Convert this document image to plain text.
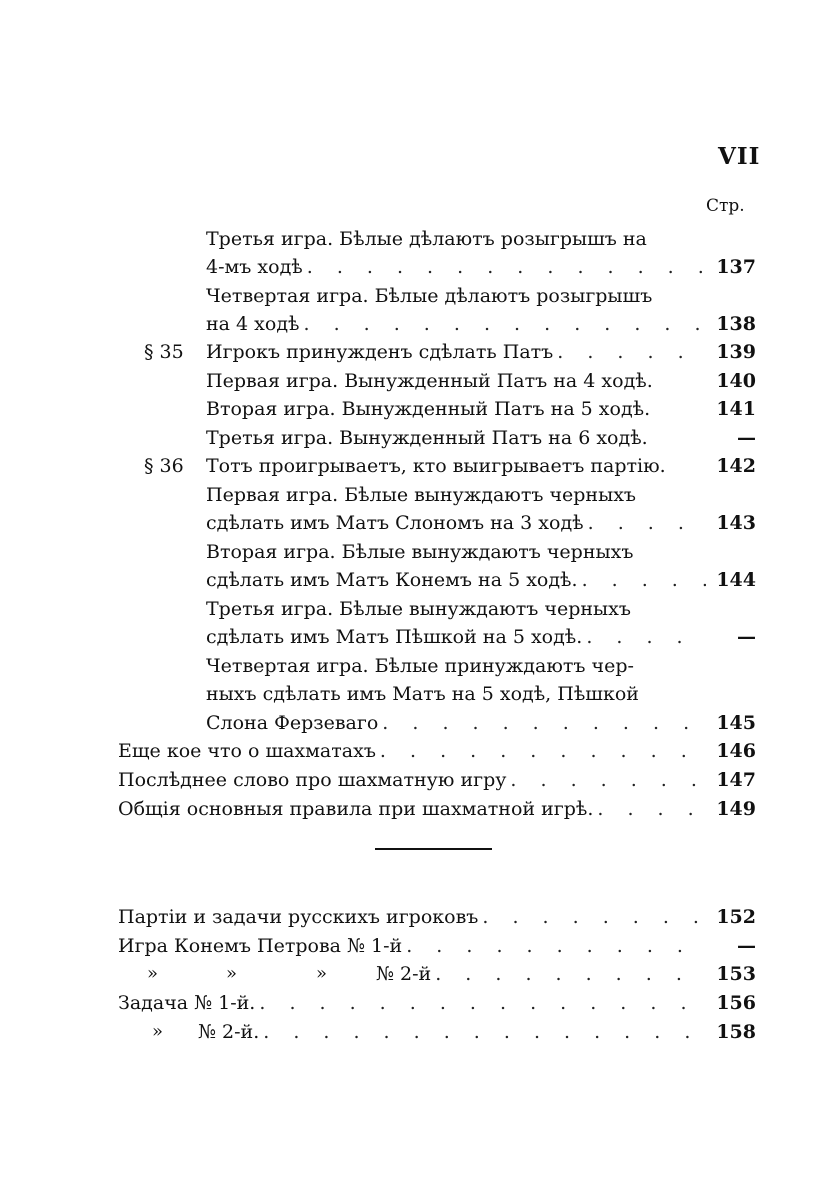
VII
Стр.
Третья игра. Бѣлые дѣлаютъ розыгрышъ на
4-мъ ходѣ . . .	137
Четвертая игра. Бѣлые дѣлаютъ розыгрышъ
на 4 ходѣ . . .	138
§ 35 Игрокъ принужденъ сдѣлать Патъ . . .	139
Первая игра. Вынужденный Патъ на 4 ходѣ.	140
Вторая игра. Вынужденный Патъ на 5 ходѣ.	141
Третья игра. Вынужденный Патъ на 6 ходѣ.	—
§ 36 Тотъ проигрываетъ, кто выигрываетъ партію.	142
Первая игра. Бѣлые вынуждаютъ черныхъ
сдѣлать имъ Матъ Слономъ на 3 ходѣ . . .	143
Вторая игра. Бѣлые вынуждаютъ черныхъ
сдѣлать имъ Матъ Конемъ на 5 ходѣ. . . .	144
Третья игра. Бѣлые вынуждаютъ черныхъ
сдѣлать имъ Матъ Пѣшкой на 5 ходѣ. . . .	—
Четвертая игра. Бѣлые принуждаютъ чер-
ныхъ сдѣлать имъ Матъ на 5 ходѣ, Пѣшкой
Слона Ферзеваго . . .	145
Еще кое что о шахматахъ . . .	146
Послѣднее слово про шахматную игру . . .	147
Общія основныя правила при шахматной игрѣ. . . .	149
Партіи и задачи русскихъ игроковъ . . .	152
Игра Конемъ Петрова № 1-й . . .	—
»	»	»	№ 2-й . . .	153
Задача № 1-й. . . .	156
» № 2-й. . . .	158
